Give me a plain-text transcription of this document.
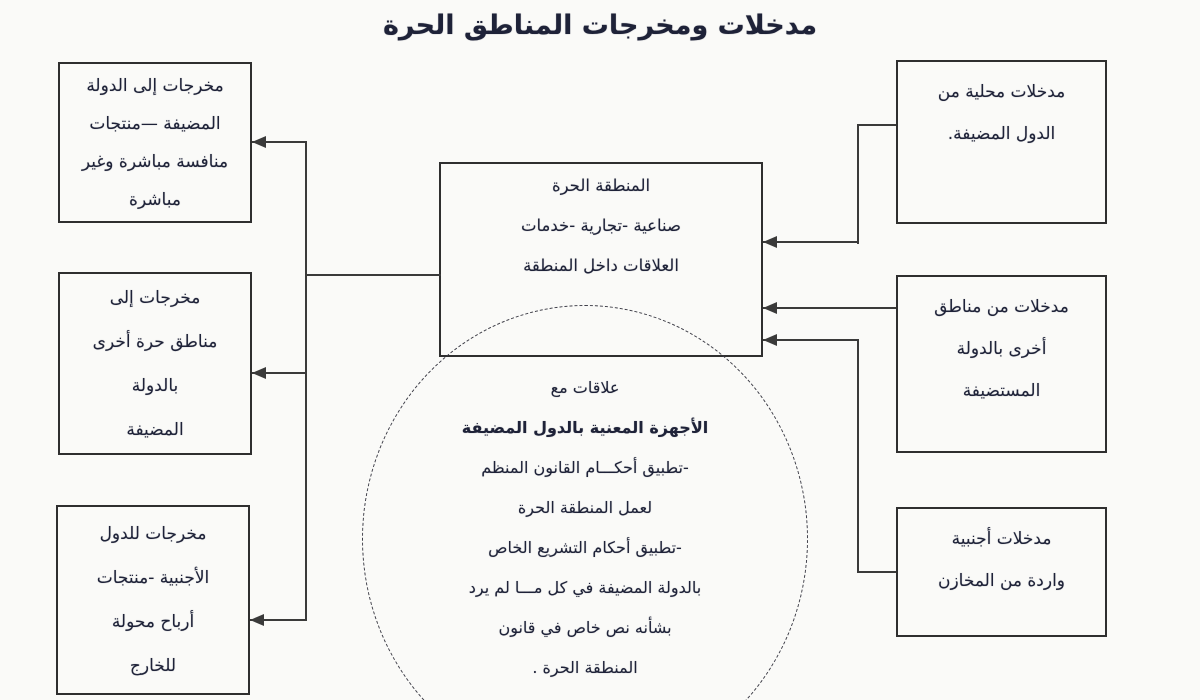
مدخلات ومخرجات المناطق الحرة
مخرجات إلى الدولة
المضيفة —منتجات
منافسة مباشرة وغير
مباشرة
مخرجات إلى
مناطق حرة أخرى
بالدولة
المضيفة
مخرجات للدول
الأجنبية -منتجات
أرباح محولة
للخارج
مدخلات محلية من
الدول المضيفة.
مدخلات من مناطق
أخرى بالدولة
المستضيفة
مدخلات أجنبية
واردة من المخازن
المنطقة الحرة
صناعية -تجارية -خدمات
العلاقات داخل المنطقة
علاقات مع
الأجهزة المعنية بالدول المضيفة
-تطبيق أحكـــام القانون المنظم
لعمل المنطقة الحرة
-تطبيق أحكام التشريع الخاص
بالدولة المضيفة في كل مـــا لم يرد
بشأنه نص خاص في قانون
المنطقة الحرة .
